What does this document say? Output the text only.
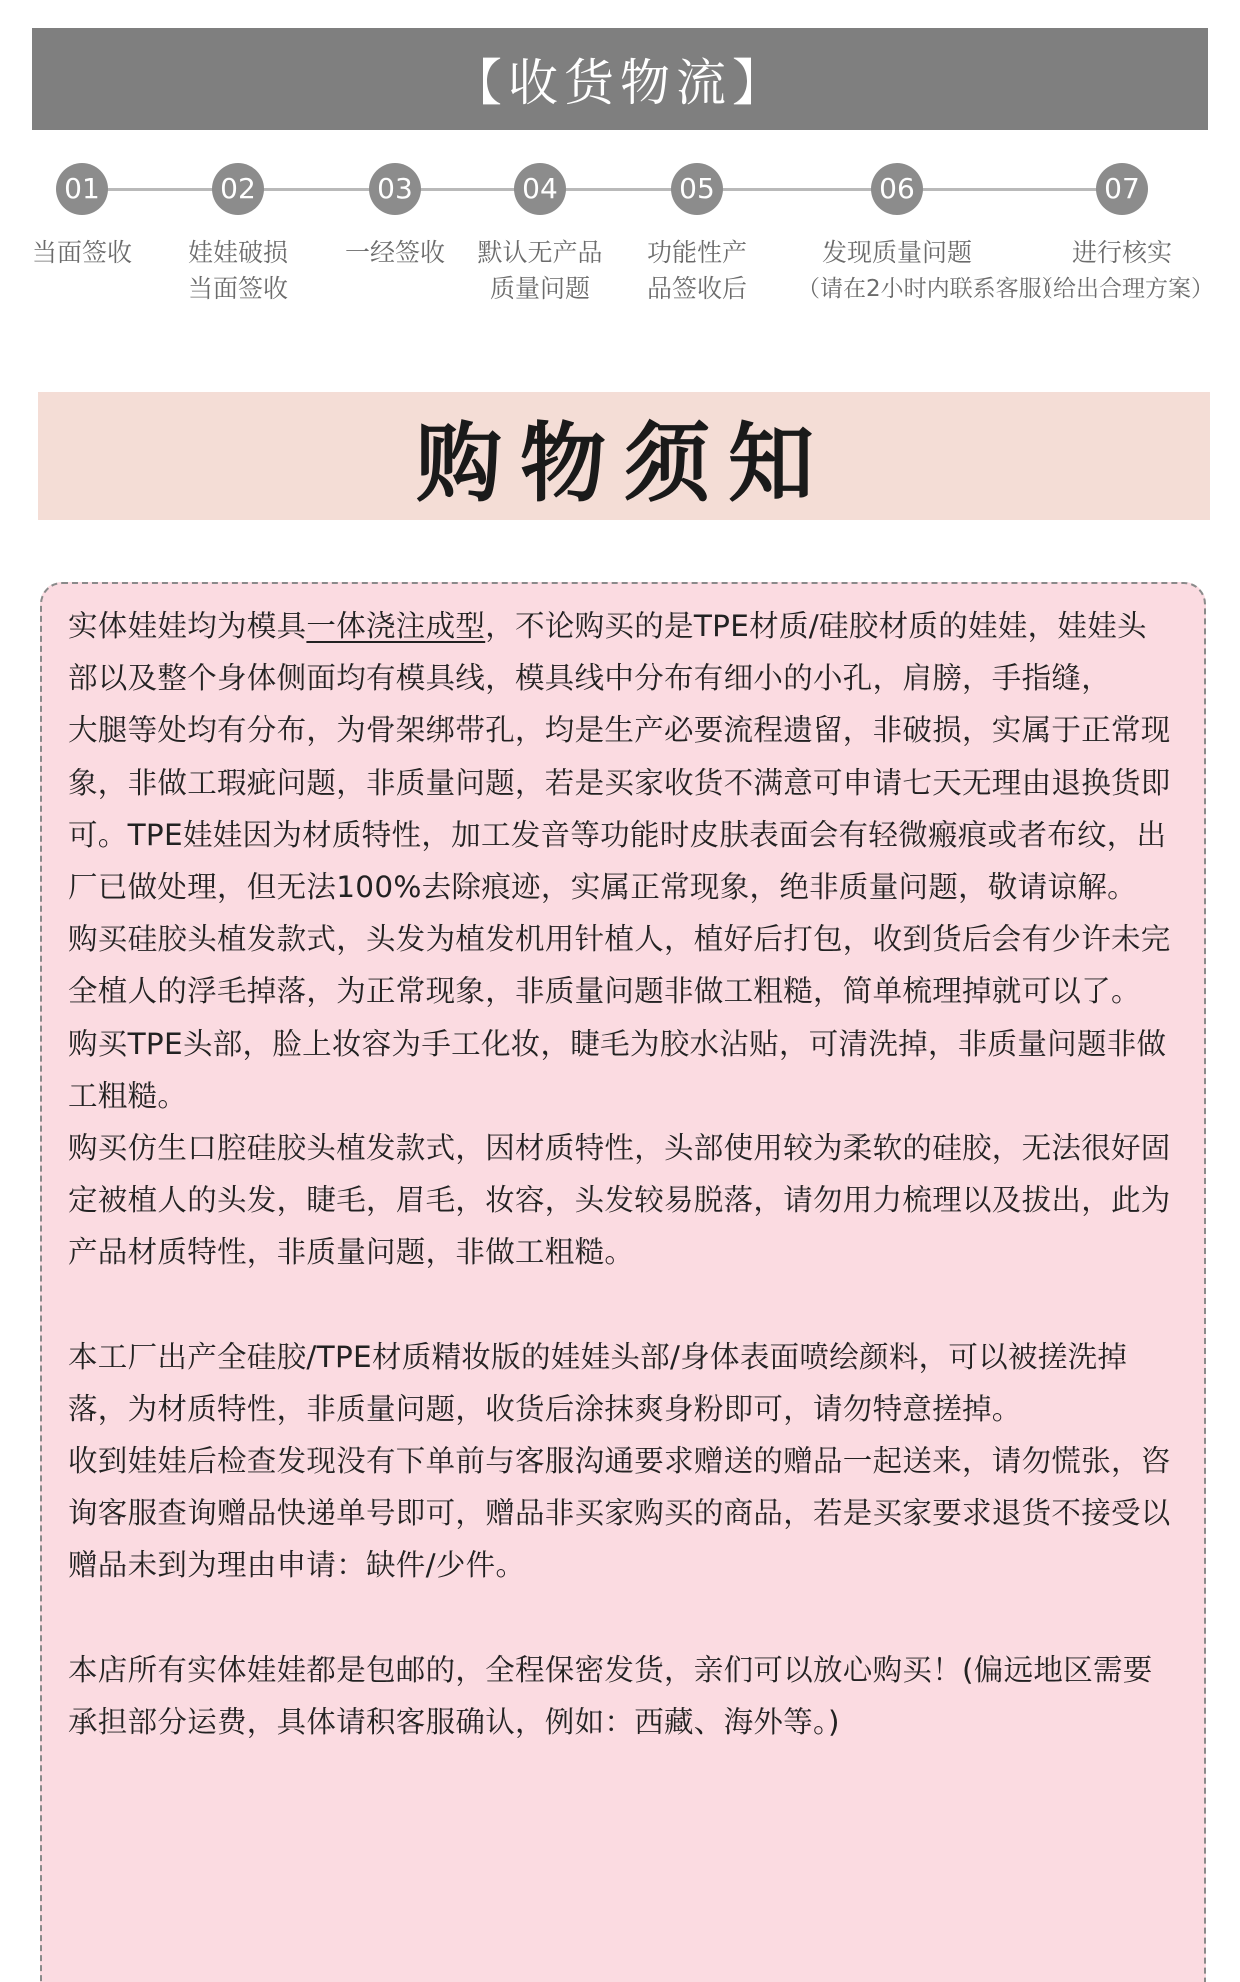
【收货物流】
01
当面签收
02
娃娃破损
当面签收
03
一经签收
04
默认无产品
质量问题
05
功能性产
品签收后
06
发现质量问题
（请在2小时内联系客服）
07
进行核实
（给出合理方案）
购物须知

实体娃娃均为模具一体浇注成型，不论购买的是TPE材质/硅胶材质的娃娃，娃娃头部以及整个身体侧面均有模具线，模具线中分布有细小的小孔，肩膀，手指缝，

大腿等处均有分布，为骨架绑带孔，均是生产必要流程遗留，非破损，实属于正常现象，非做工瑕疵问题，非质量问题，若是买家收货不满意可申请七天无理由退换货即可。TPE娃娃因为材质特性，加工发音等功能时皮肤表面会有轻微瘢痕或者布纹，出厂已做处理，但无法100%去除痕迹，实属正常现象，绝非质量问题，敬请谅解。

购买硅胶头植发款式，头发为植发机用针植人，植好后打包，收到货后会有少许未完全植人的浮毛掉落，为正常现象，非质量问题非做工粗糙，简单梳理掉就可以了。

购买TPE头部，脸上妆容为手工化妆，睫毛为胶水沾贴，可清洗掉，非质量问题非做工粗糙。

购买仿生口腔硅胶头植发款式，因材质特性，头部使用较为柔软的硅胶，无法很好固定被植人的头发，睫毛，眉毛，妆容，头发较易脱落，请勿用力梳理以及拔出，此为产品材质特性，非质量问题，非做工粗糙。

本工厂出产全硅胶/TPE材质精妆版的娃娃头部/身体表面喷绘颜料，可以被搓洗掉落，为材质特性，非质量问题，收货后涂抹爽身粉即可，请勿特意搓掉。

收到娃娃后检查发现没有下单前与客服沟通要求赠送的赠品一起送来，请勿慌张，咨询客服查询赠品快递单号即可，赠品非买家购买的商品，若是买家要求退货不接受以赠品未到为理由申请：缺件/少件。

本店所有实体娃娃都是包邮的，全程保密发货，亲们可以放心购买！(偏远地区需要承担部分运费，具体请积客服确认，例如：西藏、海外等。)
